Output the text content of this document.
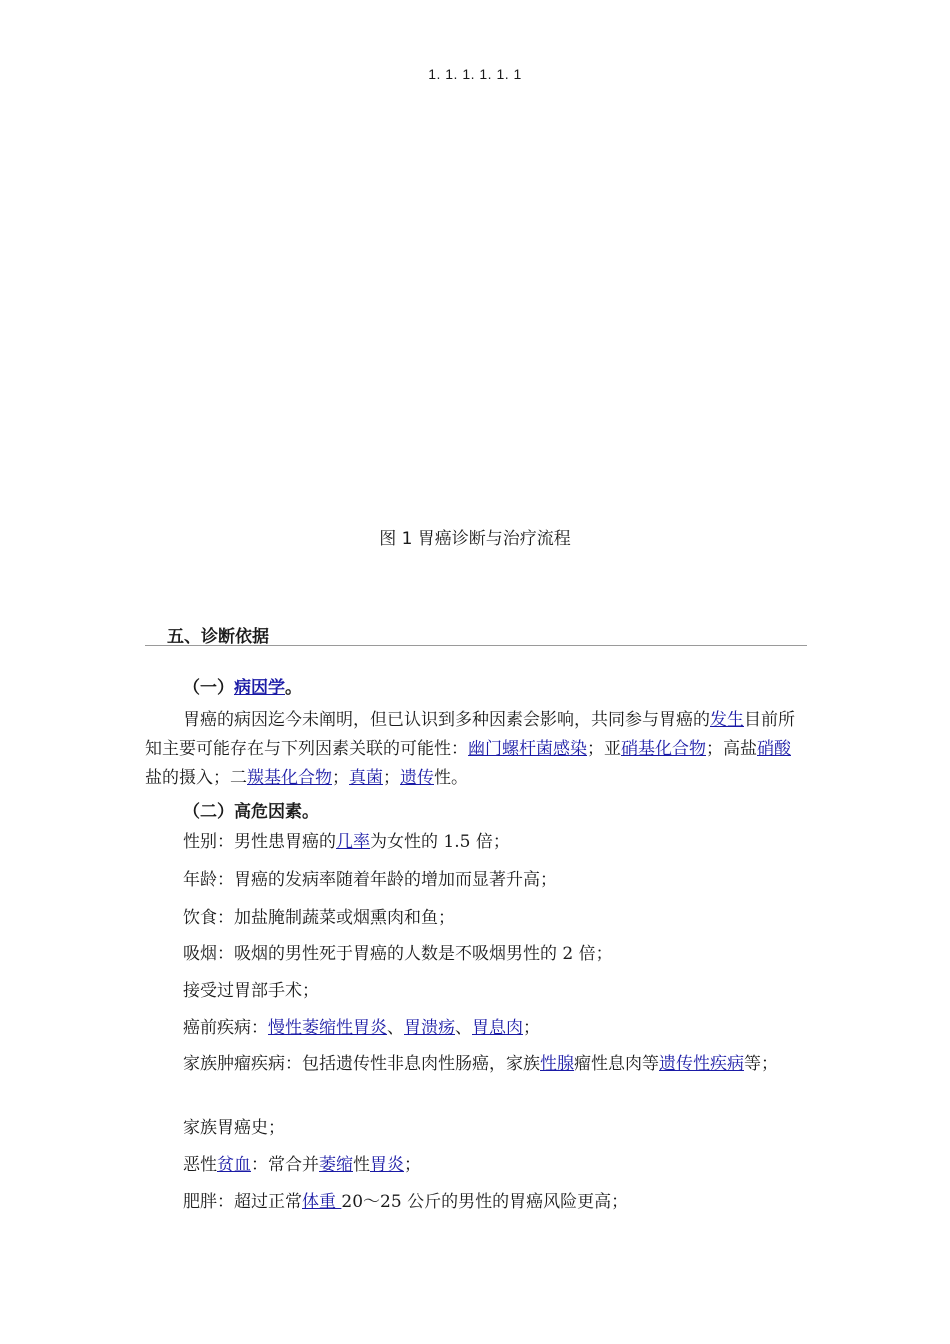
1. 1. 1. 1. 1. 1
图 1 胃癌诊断与治疗流程
五、诊断依据
（一）病因学。
胃癌的病因迄今未阐明，但已认识到多种因素会影响，共同参与胃癌的发生目前所知主要可能存在与下列因素关联的可能性：幽门螺杆菌感染；亚硝基化合物；高盐硝酸盐的摄入；二羰基化合物；真菌；遗传性。
（二）高危因素。
性别：男性患胃癌的几率为女性的 1.5 倍；
年龄：胃癌的发病率随着年龄的增加而显著升高；
饮食：加盐腌制蔬菜或烟熏肉和鱼；
吸烟：吸烟的男性死于胃癌的人数是不吸烟男性的 2 倍；
接受过胃部手术；
癌前疾病：慢性萎缩性胃炎、胃溃疡、胃息肉；
家族肿瘤疾病：包括遗传性非息肉性肠癌，家族性腺瘤性息肉等遗传性疾病等；
家族胃癌史；
恶性贫血：常合并萎缩性胃炎；
肥胖：超过正常体重 20～25 公斤的男性的胃癌风险更高；
